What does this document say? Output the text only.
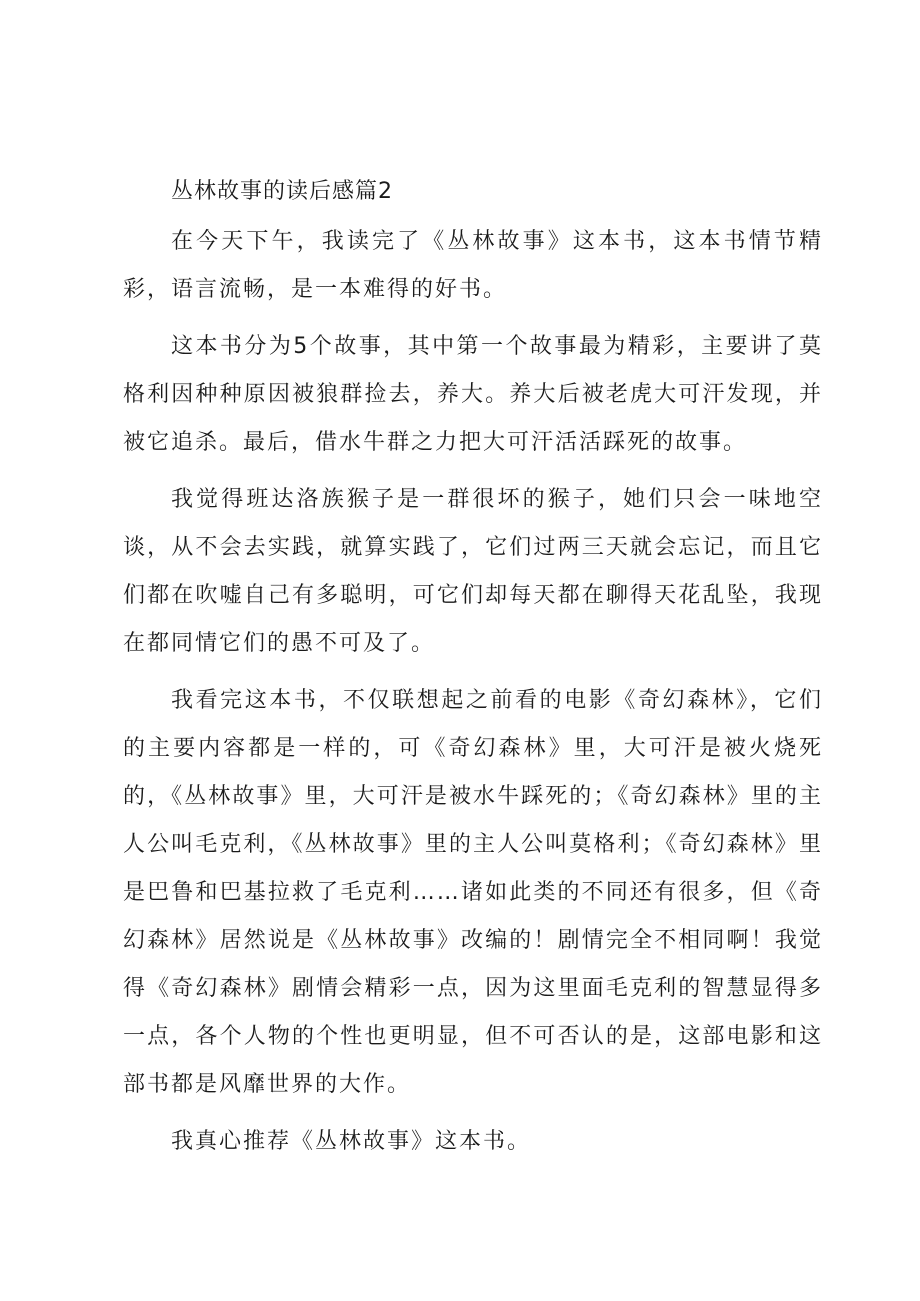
丛林故事的读后感篇2

在今天下午，我读完了《丛林故事》这本书，这本书情节精彩，语言流畅，是一本难得的好书。

这本书分为5个故事，其中第一个故事最为精彩，主要讲了莫格利因种种原因被狼群捡去，养大。养大后被老虎大可汗发现，并被它追杀。最后，借水牛群之力把大可汗活活踩死的故事。

我觉得班达洛族猴子是一群很坏的猴子，她们只会一味地空谈，从不会去实践，就算实践了，它们过两三天就会忘记，而且它们都在吹嘘自己有多聪明，可它们却每天都在聊得天花乱坠，我现在都同情它们的愚不可及了。

我看完这本书，不仅联想起之前看的电影《奇幻森林》，它们的主要内容都是一样的，可《奇幻森林》里，大可汗是被火烧死的，《丛林故事》里，大可汗是被水牛踩死的；《奇幻森林》里的主人公叫毛克利，《丛林故事》里的主人公叫莫格利；《奇幻森林》里是巴鲁和巴基拉救了毛克利……诸如此类的不同还有很多，但《奇幻森林》居然说是《丛林故事》改编的！剧情完全不相同啊！我觉得《奇幻森林》剧情会精彩一点，因为这里面毛克利的智慧显得多一点，各个人物的个性也更明显，但不可否认的是，这部电影和这部书都是风靡世界的大作。

我真心推荐《丛林故事》这本书。
